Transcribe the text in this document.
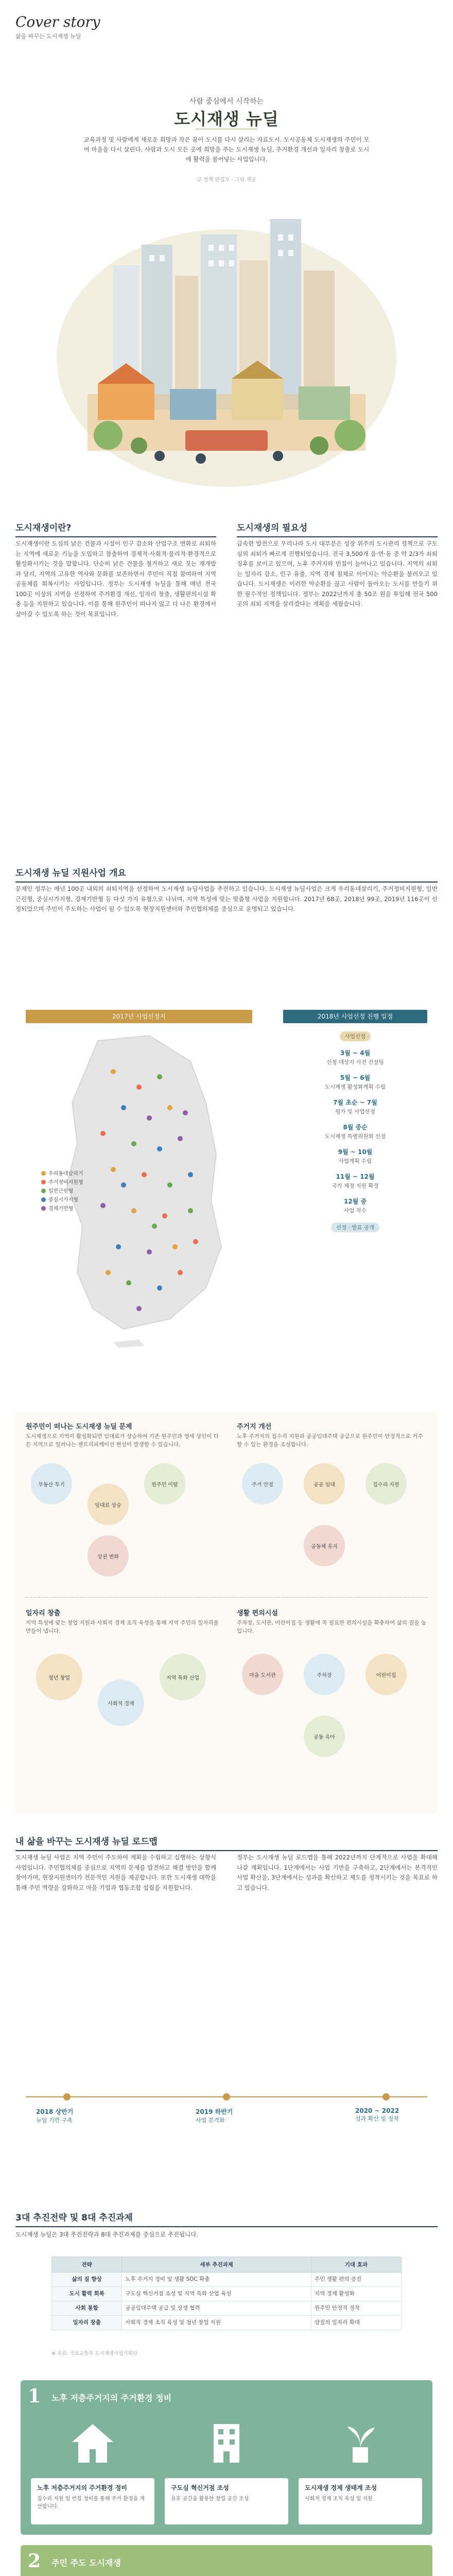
Cover story
삶을 바꾸는 도시재생 뉴딜
사람 중심에서 시작하는
도시재생 뉴딜
교육과정 및 사람에게 새로운 희망과 작은 꿈이 도시를 다시 살리는 자료도시. 도시공동체 도시재생의 주민이 모여 마을을 다시 살린다. 사람과 도시 모든 곳에 희망을 주는 도시재생 뉴딜, 주거환경 개선과 일자리 창출로 도시에 활력을 불어넣는 사업입니다.
글 정책 편집부 · 그림 제공
도시재생이란?
도시재생이란 도심의 낡은 건물과 시설이 인구 감소와 산업구조 변화로 쇠퇴하는 지역에 새로운 기능을 도입하고 창출하여 경제적·사회적·물리적·환경적으로 활성화시키는 것을 말합니다. 단순히 낡은 건물을 철거하고 새로 짓는 재개발과 달리, 지역의 고유한 역사와 문화를 보존하면서 주민이 직접 참여하여 지역 공동체를 회복시키는 사업입니다. 정부는 도시재생 뉴딜을 통해 매년 전국 100곳 이상의 지역을 선정하여 주거환경 개선, 일자리 창출, 생활편의시설 확충 등을 지원하고 있습니다. 이를 통해 원주민이 떠나지 않고 더 나은 환경에서 살아갈 수 있도록 하는 것이 목표입니다.
도시재생의 필요성
급속한 발전으로 우리나라 도시 대부분은 성장 위주의 도시관리 정책으로 구도심의 쇠퇴가 빠르게 진행되었습니다. 전국 3,500개 읍·면·동 중 약 2/3가 쇠퇴 징후를 보이고 있으며, 노후 주거지와 빈집이 늘어나고 있습니다. 지역의 쇠퇴는 일자리 감소, 인구 유출, 지역 경제 침체로 이어지는 악순환을 불러오고 있습니다. 도시재생은 이러한 악순환을 끊고 사람이 돌아오는 도시를 만들기 위한 필수적인 정책입니다. 정부는 2022년까지 총 50조 원을 투입해 전국 500곳의 쇠퇴 지역을 살리겠다는 계획을 세웠습니다.
도시재생 뉴딜 지원사업 개요
문재인 정부는 매년 100곳 내외의 쇠퇴지역을 선정하여 도시재생 뉴딜사업을 추진하고 있습니다. 도시재생 뉴딜사업은 크게 우리동네살리기, 주거정비지원형, 일반근린형, 중심시가지형, 경제기반형 등 다섯 가지 유형으로 나뉘며, 지역 특성에 맞는 맞춤형 사업을 지원합니다. 2017년 68곳, 2018년 99곳, 2019년 116곳이 선정되었으며 주민이 주도하는 사업이 될 수 있도록 현장지원센터와 주민협의체를 중심으로 운영되고 있습니다.
2017년 사업선정지	2018년 사업선정 진행 일정
우리동네살리기
주거정비지원형
일반근린형
중심시가지형
경제기반형
사업선정
3월 ~ 4월
신청 대상지 사전 컨설팅
5월 ~ 6월
도시재생 활성화계획 수립
7월 초순 ~ 7월
평가 및 사업선정
8월 중순
도시재생 특별위원회 선정
9월 ~ 10월
사업계획 수립
11월 ~ 12월
국가 재정 지원 확정
12월 중
사업 착수
선정 · 발표 공개
원주민이 떠나는 도시재생 뉴딜 문제
도시재생으로 지역이 활성화되면 임대료가 상승하여 기존 원주민과 영세 상인이 다른 지역으로 밀려나는 젠트리피케이션 현상이 발생할 수 있습니다.
주거지 개선
노후 주거지의 집수리 지원과 공공임대주택 공급으로 원주민이 안정적으로 거주할 수 있는 환경을 조성합니다.
부동산 투기
임대료 상승
원주민 이탈
상권 변화
주거 안정	공공 임대	집수리 지원
공동체 유지
일자리 창출
지역 특성에 맞는 창업 지원과 사회적 경제 조직 육성을 통해 지역 주민의 일자리를 만들어 냅니다.
생활 편의시설
주차장, 도서관, 어린이집 등 생활에 꼭 필요한 편의시설을 확충하여 삶의 질을 높입니다.
청년 창업
사회적 경제
지역 특화 산업	마을 도서관	주차장	어린이집
공동 육아
내 삶을 바꾸는 도시재생 뉴딜 로드맵
도시재생 뉴딜 사업은 지역 주민이 주도하여 계획을 수립하고 실행하는 상향식 사업입니다. 주민협의체를 중심으로 지역의 문제를 발견하고 해결 방안을 함께 찾아가며, 현장지원센터가 전문적인 지원을 제공합니다. 또한 도시재생 대학을 통해 주민 역량을 강화하고 마을 기업과 협동조합 설립을 지원합니다.
정부는 도시재생 뉴딜 로드맵을 통해 2022년까지 단계적으로 사업을 확대해 나갈 계획입니다. 1단계에서는 사업 기반을 구축하고, 2단계에서는 본격적인 사업 확산을, 3단계에서는 성과를 확산하고 제도를 정착시키는 것을 목표로 하고 있습니다.
2018 상반기
뉴딜 기반 구축
2019 하반기
사업 본격화
2020 ~ 2022
성과 확산 및 정착
3대 추진전략 및 8대 추진과제
도시재생 뉴딜은 3대 추진전략과 8대 추진과제를 중심으로 추진됩니다.
전략	세부 추진과제	기대 효과
삶의 질 향상	노후 주거지 정비 및 생활 SOC 확충	주민 생활 편의 증진
도시 활력 회복	구도심 혁신거점 조성 및 지역 특화 산업 육성	지역 경제 활성화
사회 통합	공공임대주택 공급 및 상생 협력	원주민 안정적 정착
일자리 창출	사회적 경제 조직 육성 및 청년 창업 지원	양질의 일자리 확대
※ 자료: 국토교통부 도시재생사업기획단
1 노후 저층주거지의 주거환경 정비
노후 저층주거지의 주거환경 정비

집수리 지원 및 빈집 정비를 통해 주거 환경을 개선합니다.

구도심 혁신거점 조성

유휴 공간을 활용한 창업 공간 조성

도시재생 경제 생태계 조성

사회적 경제 조직 육성 및 지원

2 주민 주도 도시재생
